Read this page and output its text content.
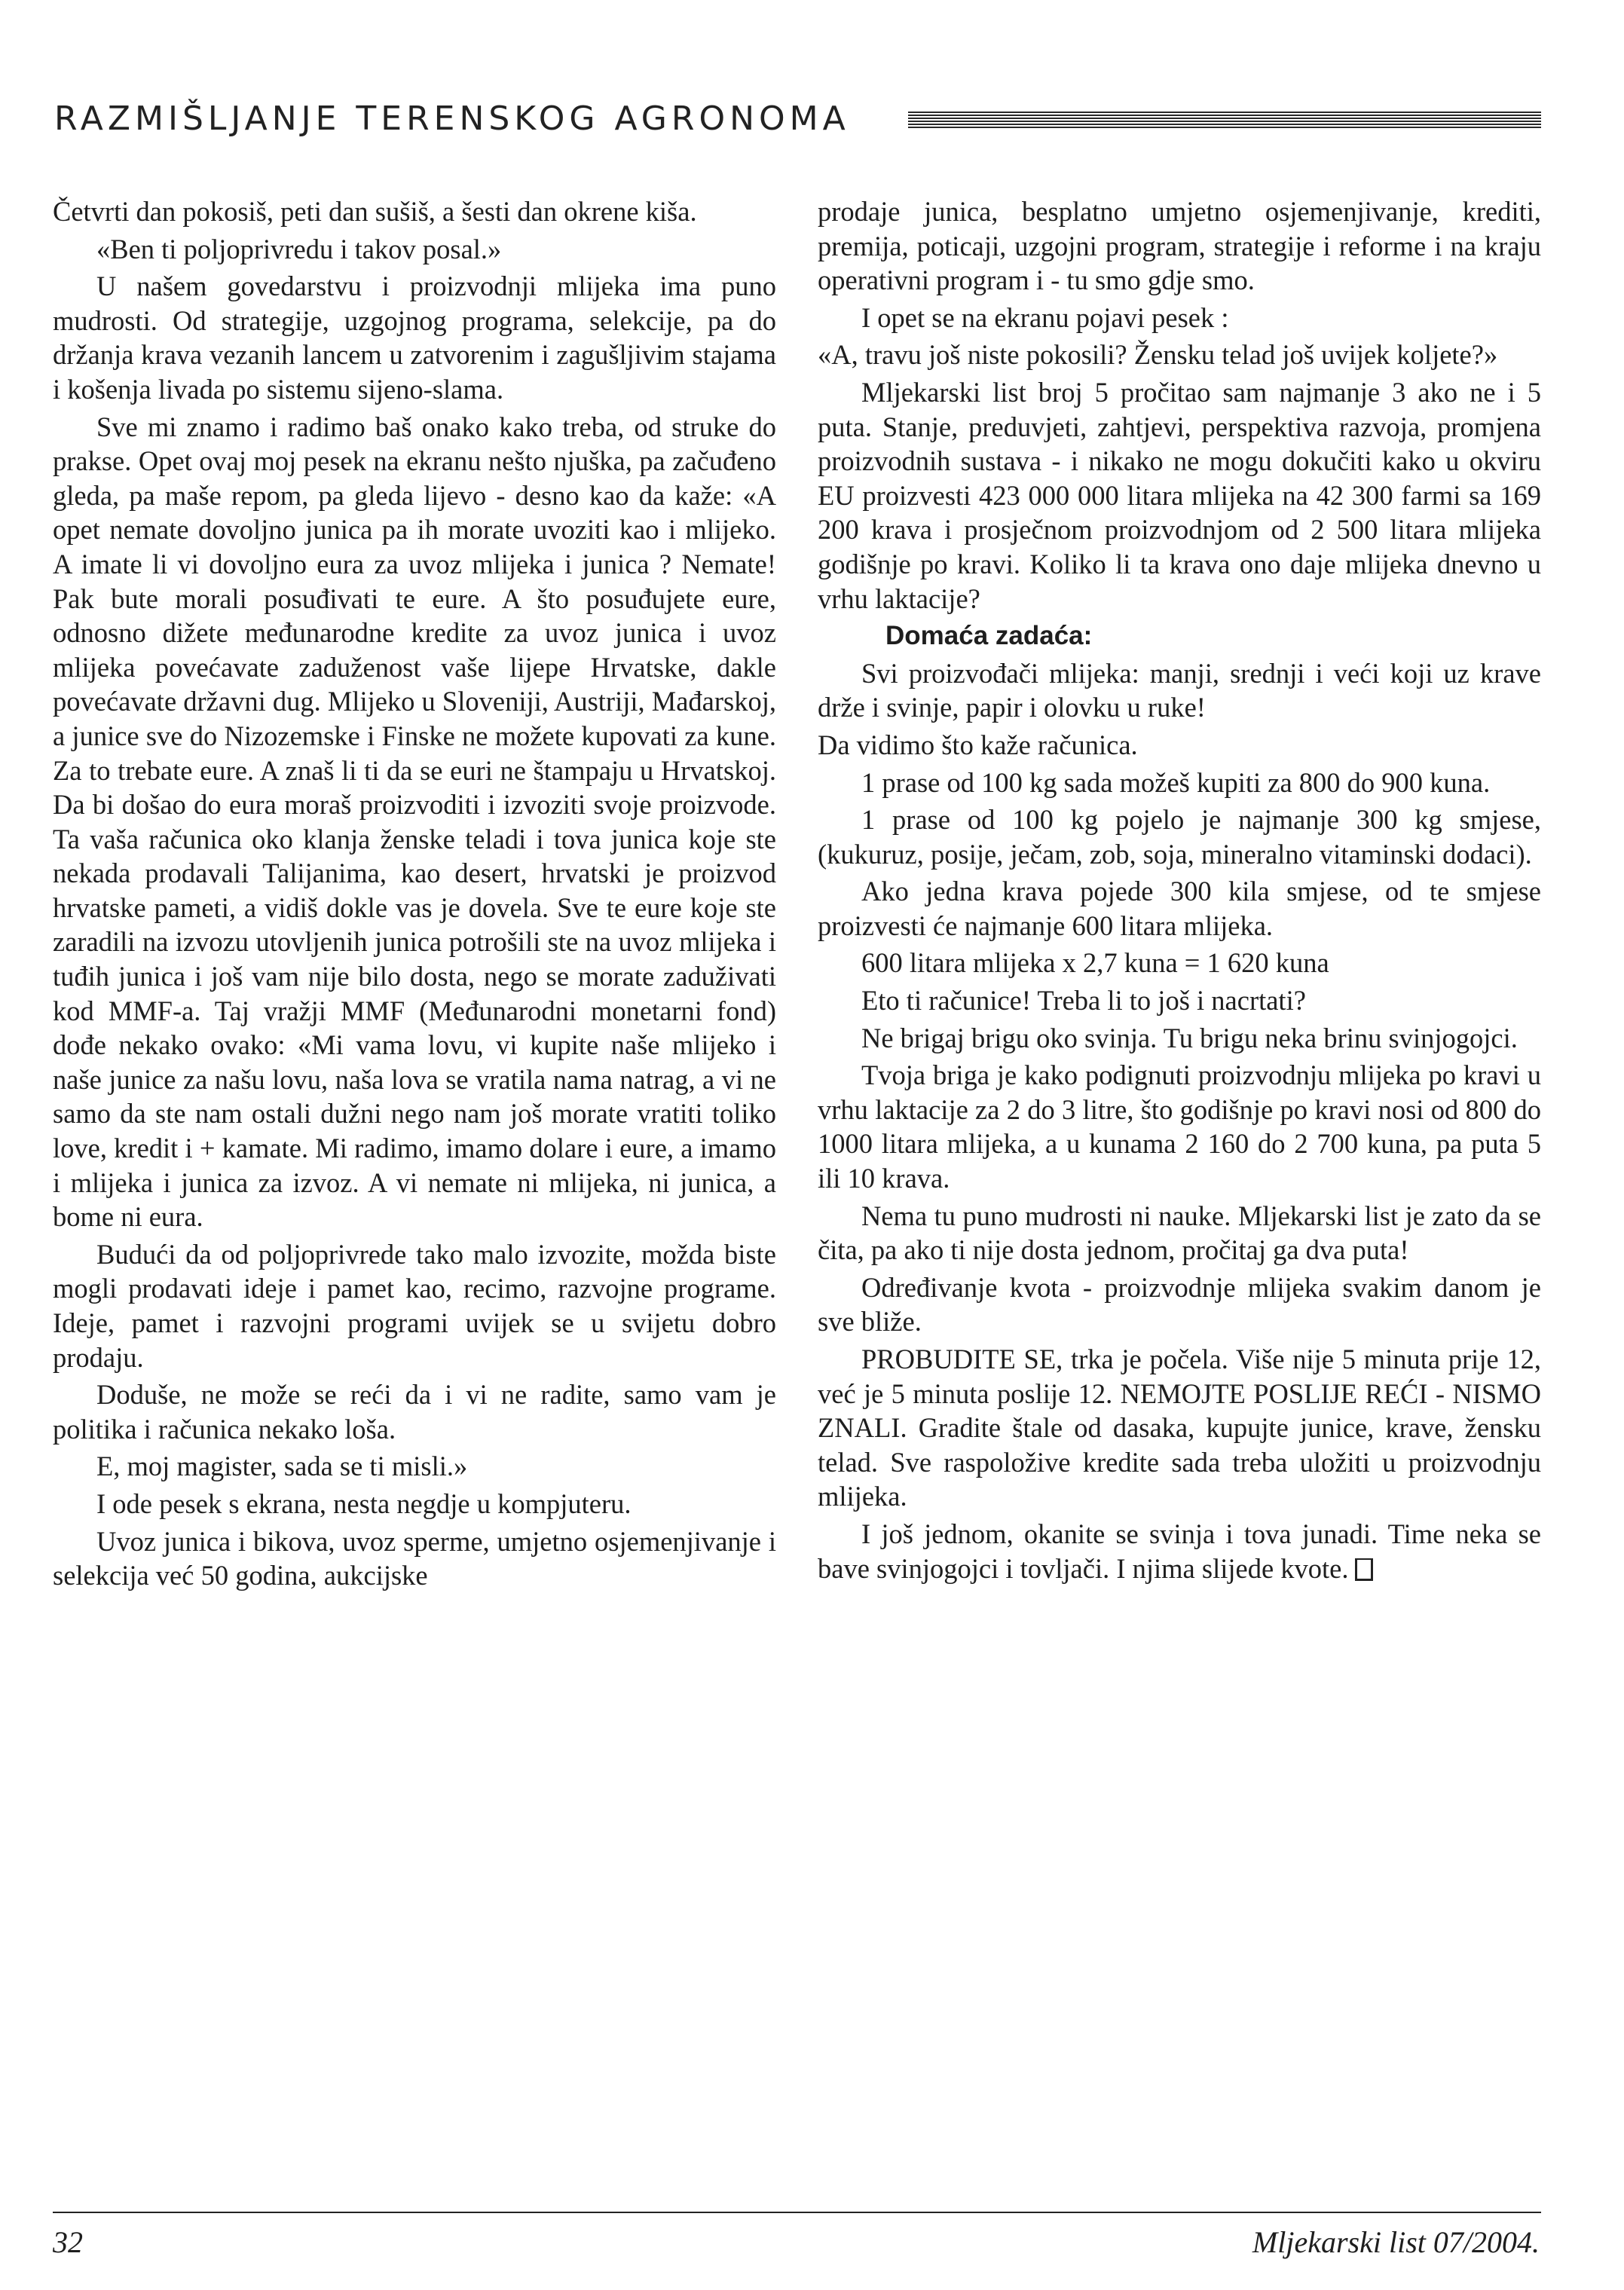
RAZMIŠLJANJE TERENSKOG AGRONOMA

Četvrti dan pokosiš, peti dan sušiš, a šesti dan okrene kiša.

«Ben ti poljoprivredu i takov posal.»

U našem govedarstvu i proizvodnji mlijeka ima puno mudrosti. Od strategije, uzgojnog programa, selekcije, pa do držanja krava vezanih lancem u zatvorenim i zagušljivim stajama i košenja livada po sistemu sijeno-slama.

Sve mi znamo i radimo baš onako kako treba, od struke do prakse. Opet ovaj moj pesek na ekranu nešto njuška, pa začuđeno gleda, pa maše repom, pa gleda lijevo - desno kao da kaže: «A opet nemate dovoljno junica pa ih morate uvoziti kao i mlijeko. A imate li vi dovoljno eura za uvoz mlijeka i junica ? Nemate! Pak bute morali posuđivati te eure. A što posuđujete eure, odnosno dižete međunarodne kredite za uvoz junica i uvoz mlijeka povećavate zaduženost vaše lijepe Hrvatske, dakle povećavate državni dug. Mlijeko u Sloveniji, Austriji, Mađarskoj, a junice sve do Nizozemske i Finske ne možete kupovati za kune. Za to trebate eure. A znaš li ti da se euri ne štampaju u Hrvatskoj. Da bi došao do eura moraš proizvoditi i izvoziti svoje proizvode. Ta vaša računica oko klanja ženske teladi i tova junica koje ste nekada prodavali Talijanima, kao desert, hrvatski je proizvod hrvatske pameti, a vidiš dokle vas je dovela. Sve te eure koje ste zaradili na izvozu utovljenih junica potrošili ste na uvoz mlijeka i tuđih junica i još vam nije bilo dosta, nego se morate zaduživati kod MMF-a. Taj vražji MMF (Međunarodni monetarni fond) dođe nekako ovako: «Mi vama lovu, vi kupite naše mlijeko i naše junice za našu lovu, naša lova se vratila nama natrag, a vi ne samo da ste nam ostali dužni nego nam još morate vratiti toliko love, kredit i + kamate. Mi radimo, imamo dolare i eure, a imamo i mlijeka i junica za izvoz. A vi nemate ni mlijeka, ni junica, a bome ni eura.

Budući da od poljoprivrede tako malo izvozite, možda biste mogli prodavati ideje i pamet kao, recimo, razvojne programe. Ideje, pamet i razvojni programi uvijek se u svijetu dobro prodaju.

Doduše, ne može se reći da i vi ne radite, samo vam je politika i računica nekako loša.

E, moj magister, sada se ti misli.»

I ode pesek s ekrana, nesta negdje u kompjuteru.

Uvoz junica i bikova, uvoz sperme, umjetno osjemenjivanje i selekcija već 50 godina, aukcijske

prodaje junica, besplatno umjetno osjemenjivanje, krediti, premija, poticaji, uzgojni program, strategije i reforme i na kraju operativni program i - tu smo gdje smo.

I opet se na ekranu pojavi pesek :

«A, travu još niste pokosili? Žensku telad još uvijek koljete?»

Mljekarski list broj 5 pročitao sam najmanje 3 ako ne i 5 puta. Stanje, preduvjeti, zahtjevi, perspektiva razvoja, promjena proizvodnih sustava - i nikako ne mogu dokučiti kako u okviru EU proizvesti 423 000 000 litara mlijeka na 42 300 farmi sa 169 200 krava i prosječnom proizvodnjom od 2 500 litara mlijeka godišnje po kravi. Koliko li ta krava ono daje mlijeka dnevno u vrhu laktacije?

Domaća zadaća:

Svi proizvođači mlijeka: manji, srednji i veći koji uz krave drže i svinje, papir i olovku u ruke!

Da vidimo što kaže računica.

1 prase od 100 kg sada možeš kupiti za 800 do 900 kuna.

1 prase od 100 kg pojelo je najmanje 300 kg smjese, (kukuruz, posije, ječam, zob, soja, mineralno vitaminski dodaci).

Ako jedna krava pojede 300 kila smjese, od te smjese proizvesti će najmanje 600 litara mlijeka.

600 litara mlijeka x 2,7 kuna = 1 620 kuna

Eto ti računice! Treba li to još i nacrtati?

Ne brigaj brigu oko svinja. Tu brigu neka brinu svinjogojci.

Tvoja briga je kako podignuti proizvodnju mlijeka po kravi u vrhu laktacije za 2 do 3 litre, što godišnje po kravi nosi od 800 do 1000 litara mlijeka, a u kunama 2 160 do 2 700 kuna, pa puta 5 ili 10 krava.

Nema tu puno mudrosti ni nauke. Mljekarski list je zato da se čita, pa ako ti nije dosta jednom, pročitaj ga dva puta!

Određivanje kvota - proizvodnje mlijeka svakim danom je sve bliže.

PROBUDITE SE, trka je počela. Više nije 5 minuta prije 12, već je 5 minuta poslije 12. NEMOJTE POSLIJE REĆI - NISMO ZNALI. Gradite štale od dasaka, kupujte junice, krave, žensku telad. Sve raspoložive kredite sada treba uložiti u proizvodnju mlijeka.

I još jednom, okanite se svinja i tova junadi. Time neka se bave svinjogojci i tovljači. I njima slijede kvote.

32	Mljekarski list 07/2004.
